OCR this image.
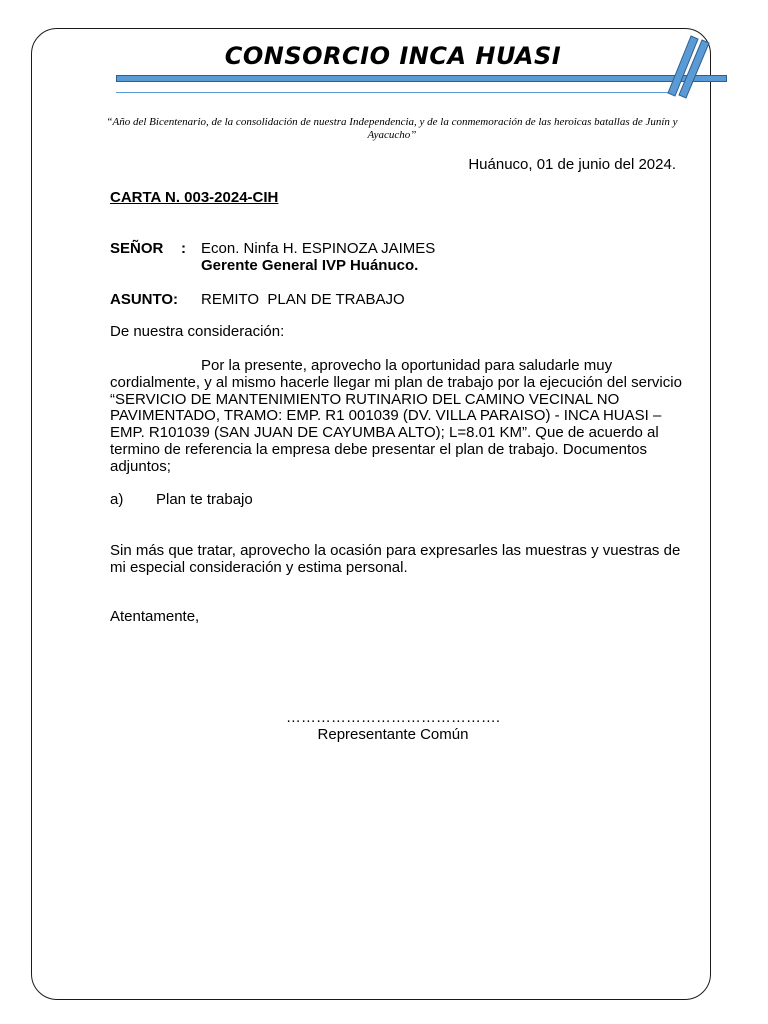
CONSORCIO INCA HUASI
“Año del Bicentenario, de la consolidación de nuestra Independencia, y de la conmemoración de las heroicas batallas de Junín y Ayacucho”
Huánuco, 01 de junio del 2024.
CARTA N. 003-2024-CIH
SEÑOR : Econ. Ninfa H. ESPINOZA JAIMES
Gerente General IVP Huánuco.
ASUNTO: REMITO  PLAN DE TRABAJO
De nuestra consideración:
Por la presente, aprovecho la oportunidad para saludarle muy cordialmente, y al mismo hacerle llegar mi plan de trabajo por la ejecución del servicio “SERVICIO DE MANTENIMIENTO RUTINARIO DEL CAMINO VECINAL NO PAVIMENTADO, TRAMO: EMP. R1 001039 (DV. VILLA PARAISO) - INCA HUASI – EMP. R101039 (SAN JUAN DE CAYUMBA ALTO); L=8.01 KM”. Que de acuerdo al termino de referencia la empresa debe presentar el plan de trabajo. Documentos adjuntos;
a) Plan te trabajo
Sin más que tratar, aprovecho la ocasión para expresarles las muestras y vuestras de mi especial consideración y estima personal.
Atentamente,
…………………………………….
Representante Común
